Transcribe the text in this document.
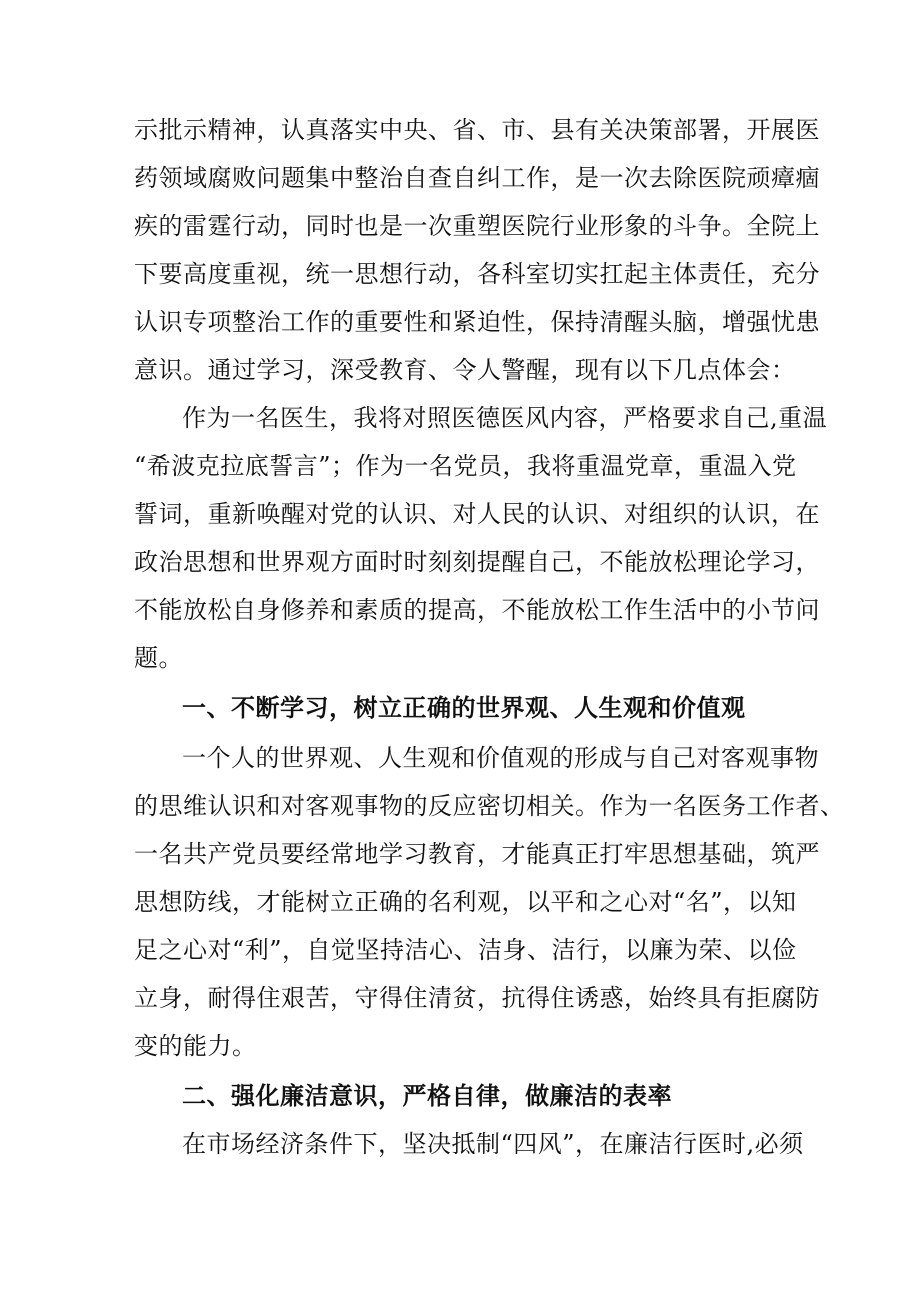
示批示精神，认真落实中央、省、市、县有关决策部署，开展医
药领域腐败问题集中整治自查自纠工作，是一次去除医院顽瘴痼
疾的雷霆行动，同时也是一次重塑医院行业形象的斗争。全院上
下要高度重视，统一思想行动，各科室切实扛起主体责任，充分
认识专项整治工作的重要性和紧迫性，保持清醒头脑，增强忧患
意识。通过学习，深受教育、令人警醒，现有以下几点体会：
作为一名医生，我将对照医德医风内容，严格要求自己,重温
“希波克拉底誓言”；作为一名党员，我将重温党章，重温入党
誓词，重新唤醒对党的认识、对人民的认识、对组织的认识，在
政治思想和世界观方面时时刻刻提醒自己，不能放松理论学习，
不能放松自身修养和素质的提高，不能放松工作生活中的小节问
题。
一、不断学习，树立正确的世界观、人生观和价值观
一个人的世界观、人生观和价值观的形成与自己对客观事物
的思维认识和对客观事物的反应密切相关。作为一名医务工作者、
一名共产党员要经常地学习教育，才能真正打牢思想基础，筑严
思想防线，才能树立正确的名利观，以平和之心对“名”，以知
足之心对“利”，自觉坚持洁心、洁身、洁行，以廉为荣、以俭
立身，耐得住艰苦，守得住清贫，抗得住诱惑，始终具有拒腐防
变的能力。
二、强化廉洁意识，严格自律，做廉洁的表率
在市场经济条件下，坚决抵制“四风”，在廉洁行医时,必须
